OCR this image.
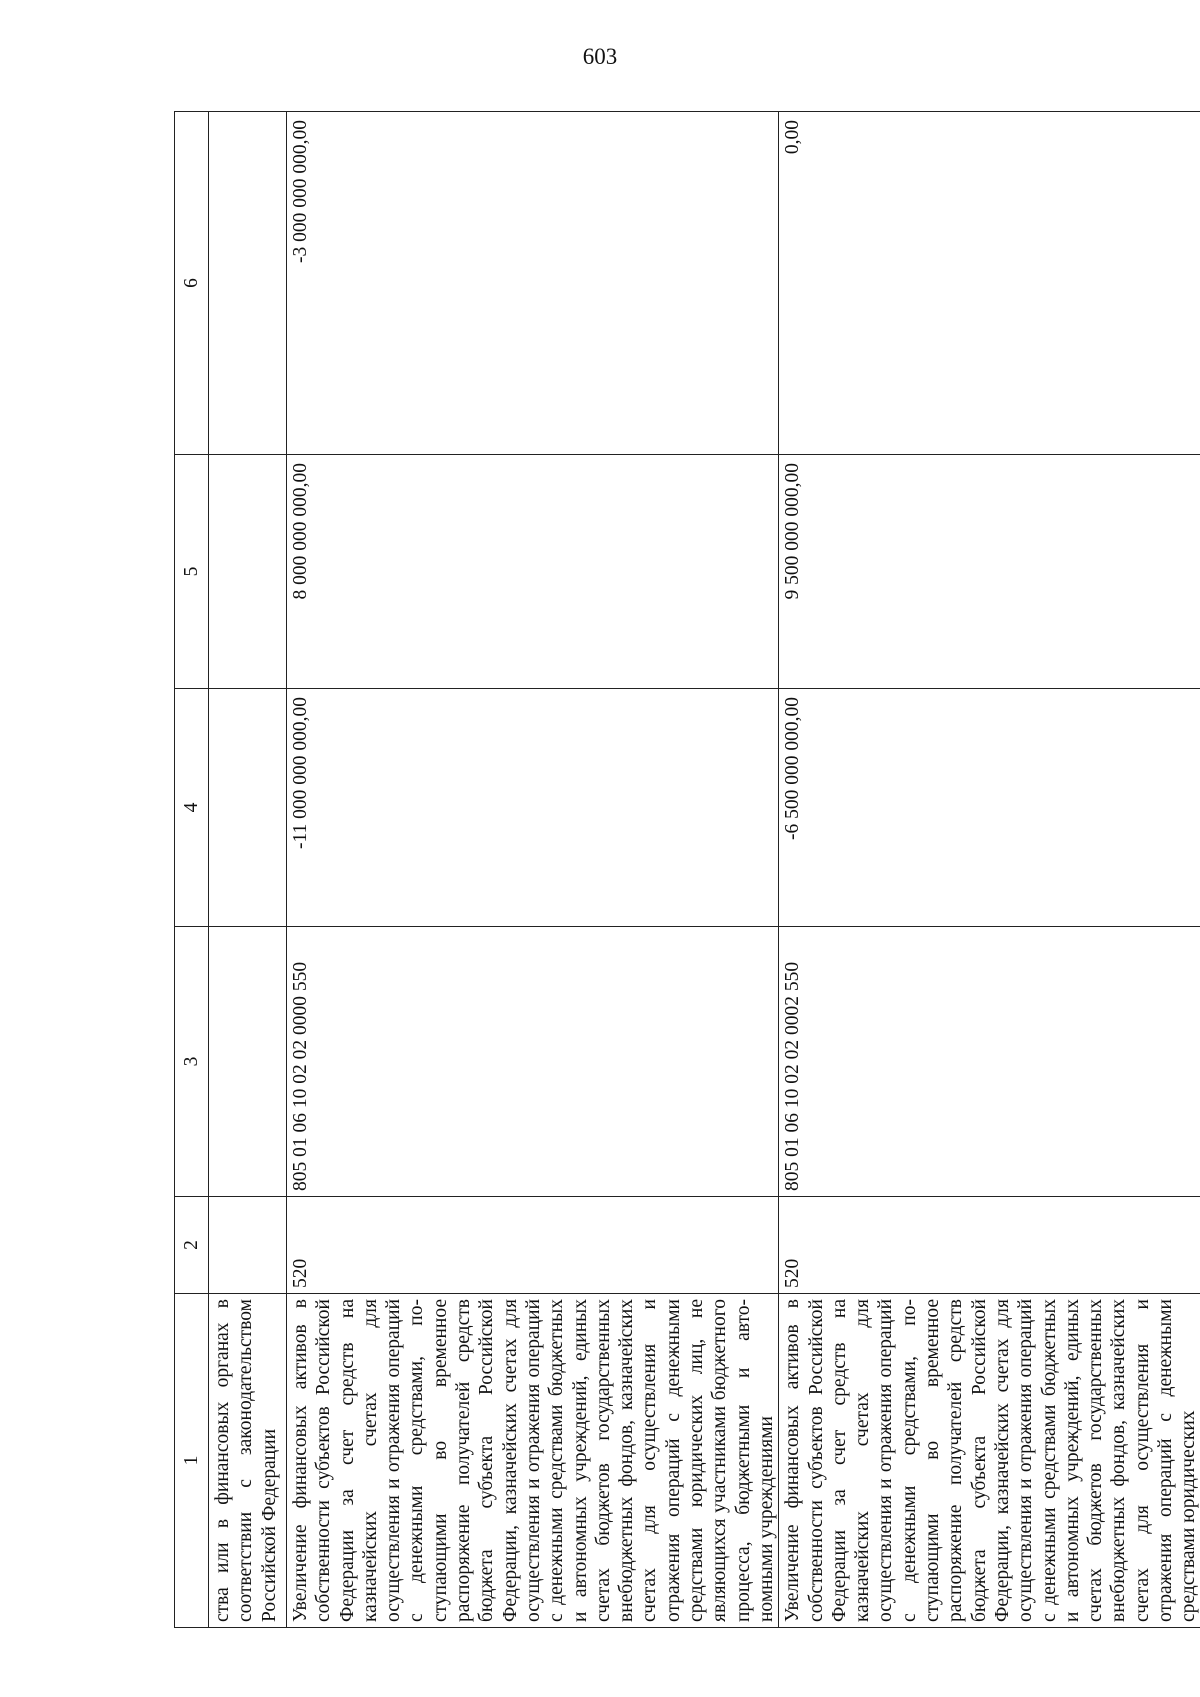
603
1	2	3	4	5	6
ства или в финансовых органах в соответствии с законодательством Российской Федерации					
Увеличение финансовых активов в собственности субъектов Российской Федерации за счет средств на казначейских счетах для осуществления и отражения операций с денежными средствами, поступающими во временное распоряжение получателей средств бюджета субъекта Российской Федерации, казначейских счетах для осуществления и отражения операций с денежными средствами бюджетных и автономных учреждений, единых счетах бюджетов государственных внебюджетных фондов, казначейских счетах для осуществления и отражения операций с денежными средствами юридических лиц, не являющихся участниками бюджетного процесса, бюджетными и автономными учреждениями	520	805 01 06 10 02 02 0000 550	-11 000 000 000,00	8 000 000 000,00	-3 000 000 000,00

Увеличение финансовых активов в собственности субъектов Российской Федерации за счет средств на казначейских счетах для осуществления и отражения операций с денежными средствами, поступающими во временное распоряжение получателей средств бюджета субъекта Российской Федерации, казначейских счетах для осуществления и отражения операций с денежными средствами бюджетных и автономных учреждений, единых счетах бюджетов государственных внебюджетных фондов, казначейских счетах для осуществления и отражения операций с денежными средствами юридических	520	805 01 06 10 02 02 0002 550	-6 500 000 000,00	9 500 000 000,00	0,00
